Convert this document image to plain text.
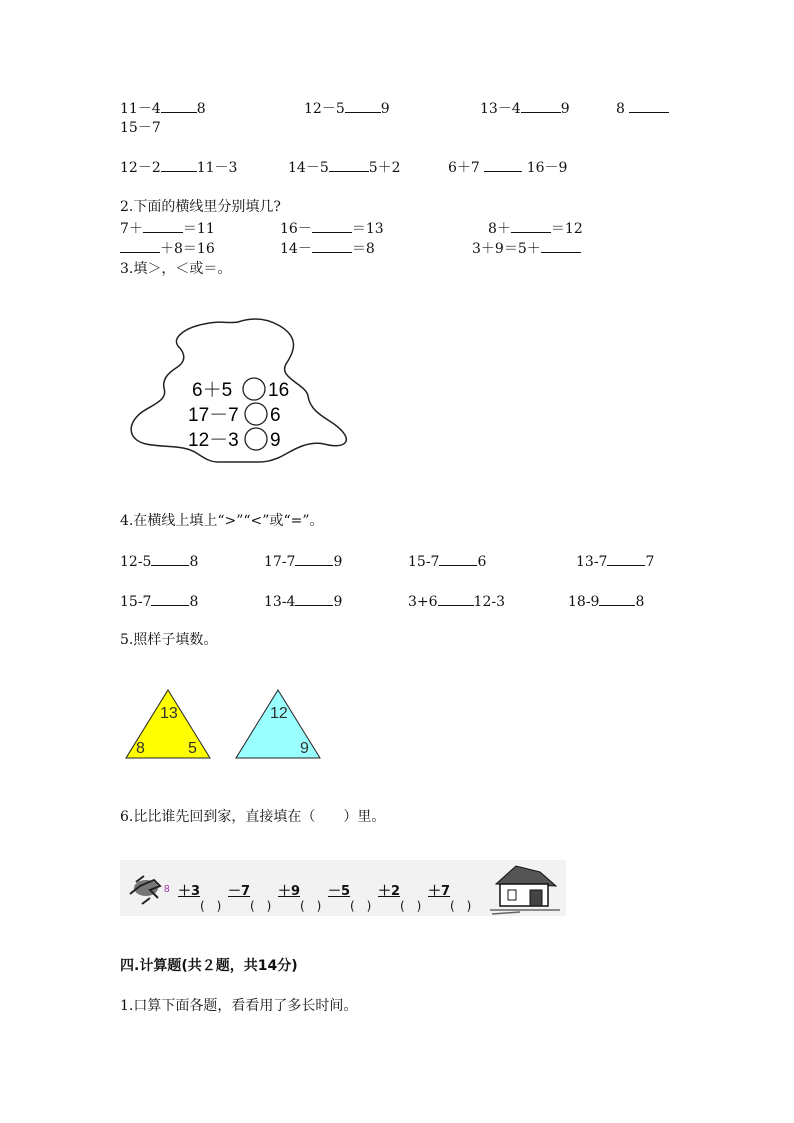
11－4	8	12－5	9	13－4	9	8
15－7
12－2	11－3	14－5	5＋2	6＋7	16－9
2.下面的横线里分别填几?
7＋	＝11	16－	＝13	8＋	＝12
＋8＝16	14－	＝8	3＋9＝5＋
3.填＞，＜或＝。
6＋5 16
17－7 6
12－3 9
4.在横线上填上“>”“<”或“=”。
12-5	8	17-7	9	15-7	6	13-7	7
15-7	8	13-4	9	3+6	12-3	18-9	8
5.照样子填数。
13
8	5
12
9
6.比比谁先回到家，直接填在（　　）里。
8 ＋3
(　)
－7
(　)
＋9
(　)
－5
(　)
＋2
(　)
＋7
(　)
四.计算题(共２题，共14分)
1.口算下面各题，看看用了多长时间。
